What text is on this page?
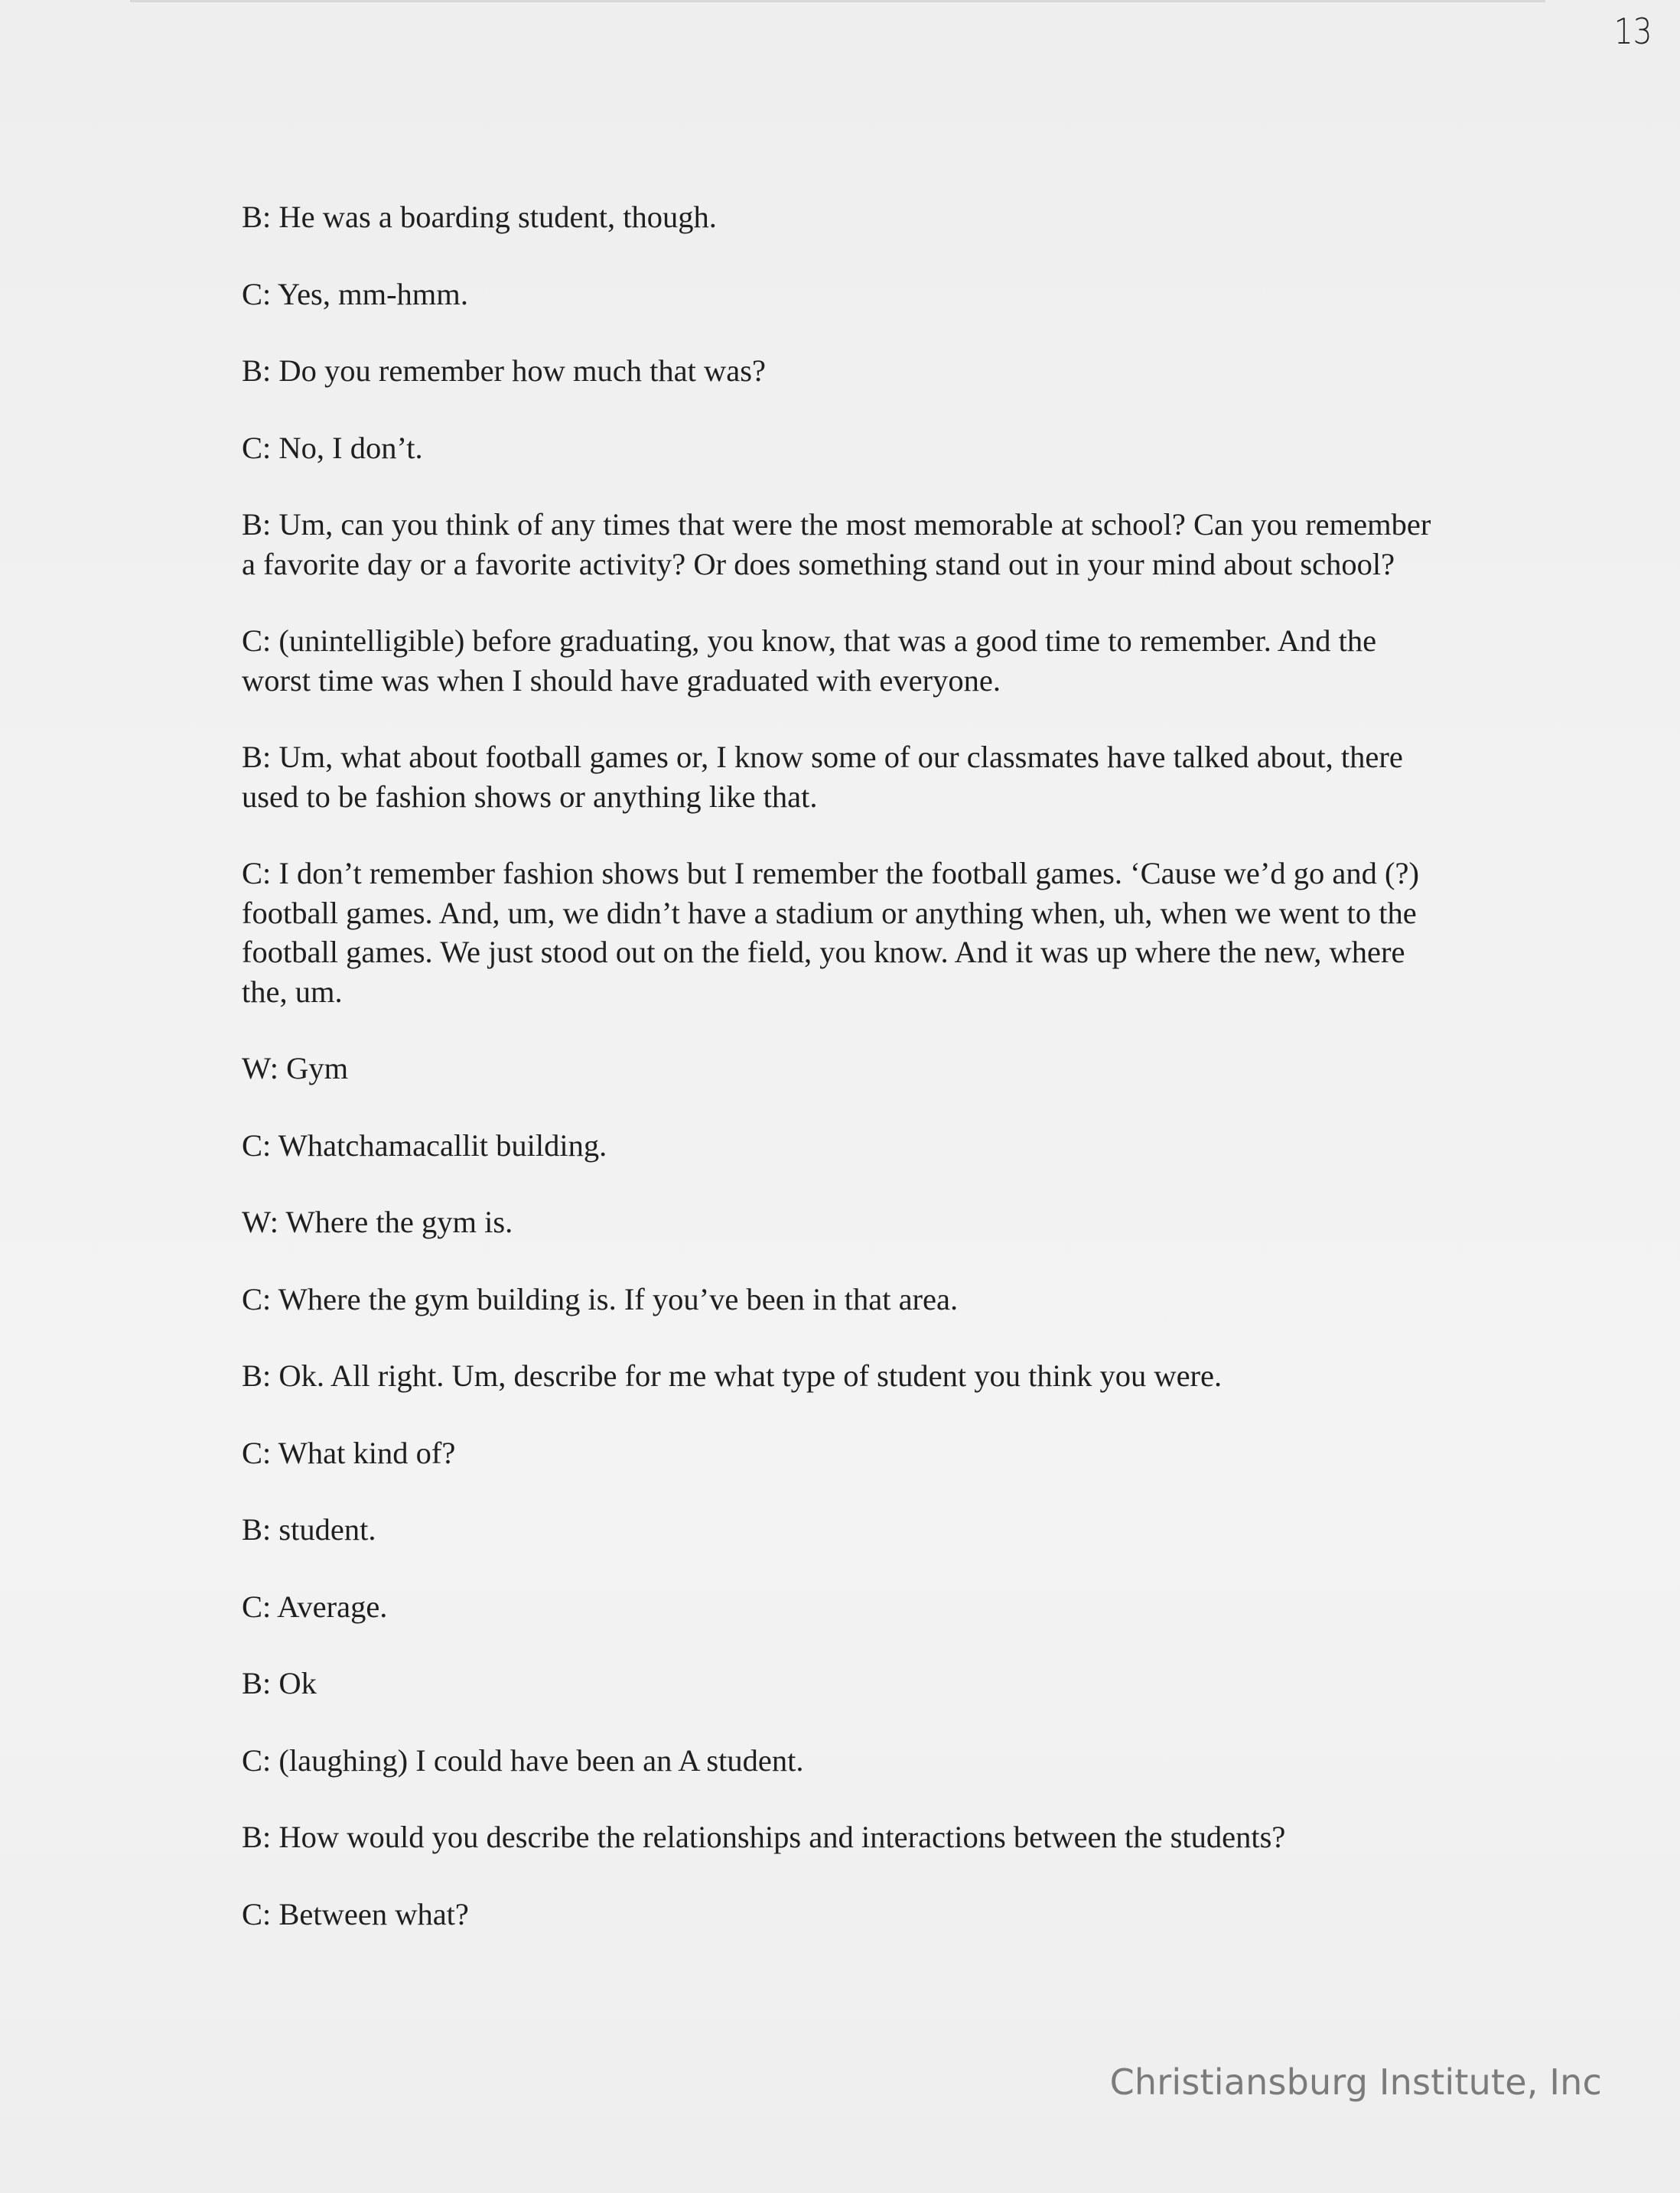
13

B: He was a boarding student, though.

C: Yes, mm-hmm.

B: Do you remember how much that was?

C: No, I don’t.

B: Um, can you think of any times that were the most memorable at school? Can you remember a favorite day or a favorite activity? Or does something stand out in your mind about school?

C: (unintelligible) before graduating, you know, that was a good time to remember. And the worst time was when I should have graduated with everyone.

B: Um, what about football games or, I know some of our classmates have talked about, there used to be fashion shows or anything like that.

C: I don’t remember fashion shows but I remember the football games. ‘Cause we’d go and (?) football games. And, um, we didn’t have a stadium or anything when, uh, when we went to the football games. We just stood out on the field, you know. And it was up where the new, where the, um.

W: Gym

C: Whatchamacallit building.

W: Where the gym is.

C: Where the gym building is. If you’ve been in that area.

B: Ok. All right. Um, describe for me what type of student you think you were.

C: What kind of?

B: student.

C: Average.

B: Ok

C: (laughing) I could have been an A student.

B: How would you describe the relationships and interactions between the students?

C: Between what?

Christiansburg Institute, Inc
